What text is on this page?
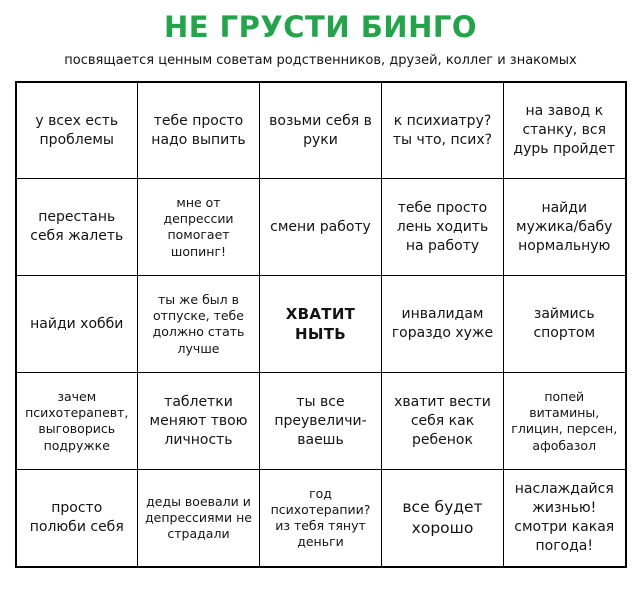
НЕ ГРУСТИ БИНГО

посвящается ценным советам родственников, друзей, коллег и знакомых

у всех есть проблемы	тебе просто надо выпить	возьми себя в руки	к психиатру? ты что, псих?	на завод к станку, вся дурь пройдет
перестань себя жалеть	мне от депрессии помогает шопинг!	смени работу	тебе просто лень ходить на работу	найди мужика/бабу нормальную
найди хобби	ты же был в отпуске, тебе должно стать лучше	ХВАТИТ НЫТЬ	инвалидам гораздо хуже	займись спортом
зачем психотерапевт, выговорись подружке	таблетки меняют твою личность	ты все преувеличиваешь	хватит вести себя как ребенок	попей витамины, глицин, персен, афобазол
просто полюби себя	деды воевали и депрессиями не страдали	год психотерапии? из тебя тянут деньги	все будет хорошо	наслаждайся жизнью! смотри какая погода!
